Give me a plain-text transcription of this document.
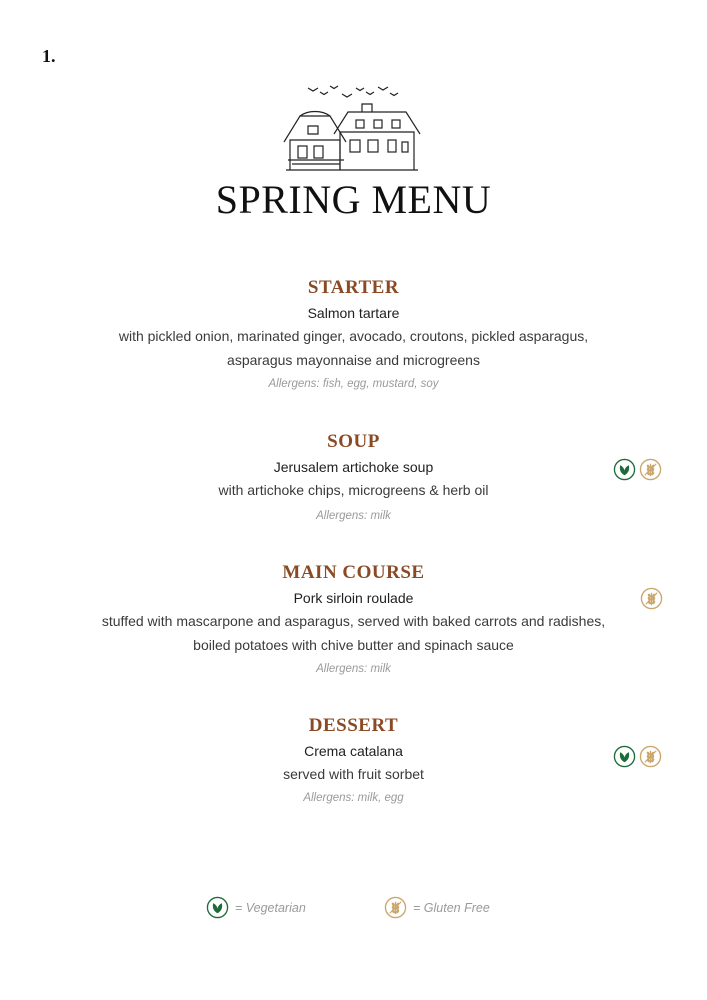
1.
SPRING MENU
STARTER
Salmon tartare
with pickled onion, marinated ginger, avocado, croutons, pickled asparagus,
asparagus mayonnaise and microgreens
Allergens: fish, egg, mustard, soy
SOUP
Jerusalem artichoke soup
with artichoke chips, microgreens & herb oil
Allergens: milk
MAIN COURSE
Pork sirloin roulade
stuffed with mascarpone and asparagus, served with baked carrots and radishes,
boiled potatoes with chive butter and spinach sauce
Allergens: milk
DESSERT
Crema catalana
served with fruit sorbet
Allergens: milk, egg
= Vegetarian	= Gluten Free
